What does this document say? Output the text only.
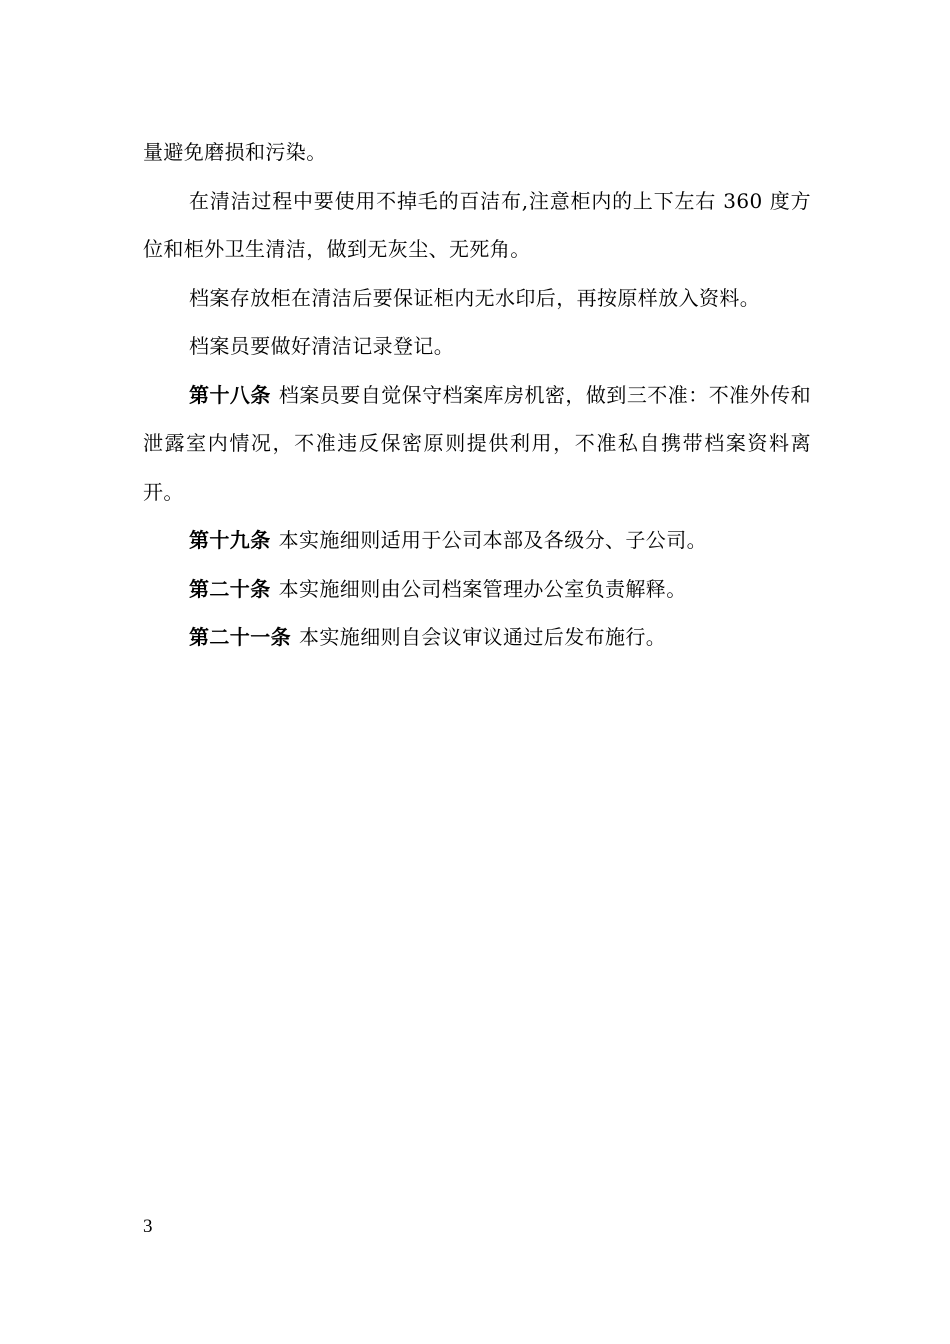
量避免磨损和污染。

在清洁过程中要使用不掉毛的百洁布,注意柜内的上下左右 360 度方位和柜外卫生清洁，做到无灰尘、无死角。

档案存放柜在清洁后要保证柜内无水印后，再按原样放入资料。

档案员要做好清洁记录登记。

第十八条 档案员要自觉保守档案库房机密，做到三不准：不准外传和泄露室内情况，不准违反保密原则提供利用，不准私自携带档案资料离开。

第十九条 本实施细则适用于公司本部及各级分、子公司。

第二十条 本实施细则由公司档案管理办公室负责解释。

第二十一条 本实施细则自会议审议通过后发布施行。

3
